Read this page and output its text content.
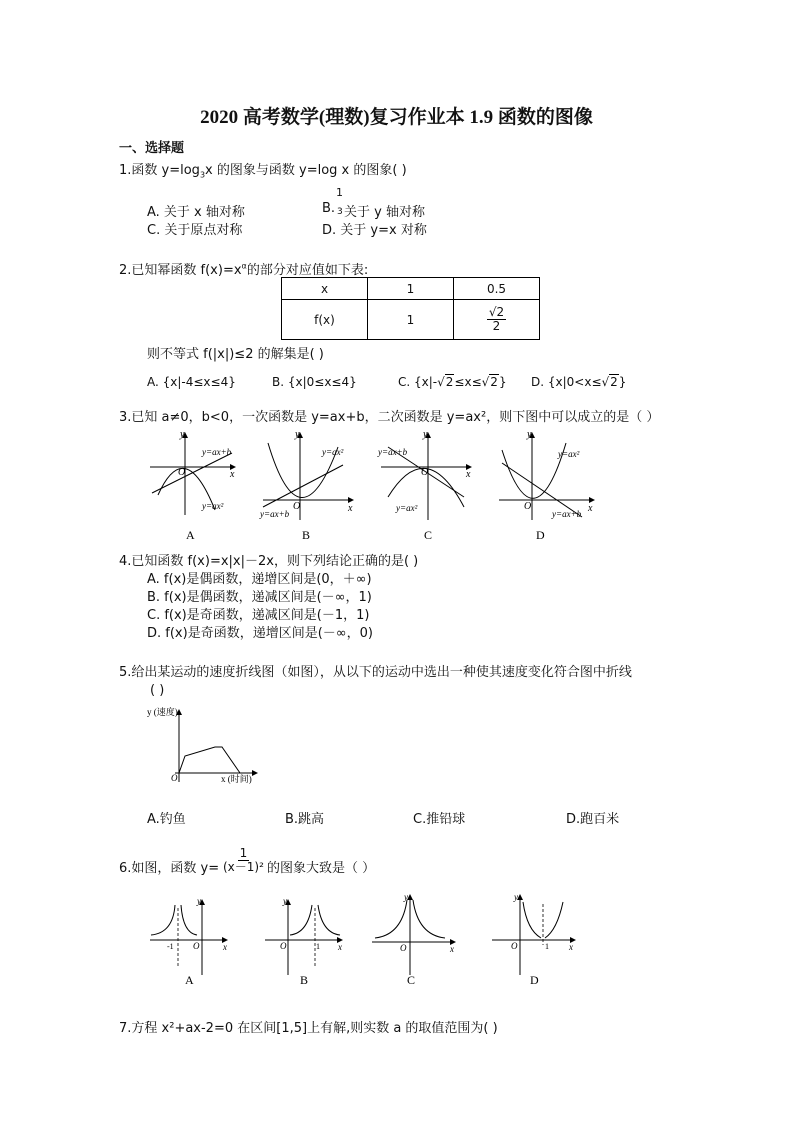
2020 高考数学(理数)复习作业本 1.9 函数的图像
一、选择题
1.函数 $y=\log_3x$ 的图象与函数 y=log x 的图象( )
A. 关于 x 轴对称	B.
1
3 关于 y 轴对称
C. 关于原点对称	D. 关于 y=x 对称
2.已知幂函数 $f(x)=x^\alpha$的部分对应值如下表:
x	1	0.5
f(x)	1	$\frac{√2}{2}$
则不等式 f(|x|)≤2 的解集是( )
A. {x|-4≤x≤4}	B. {x|0≤x≤4}	C. {x|-√2≤x≤√2} D. {x|0<x≤√2}
3.已知 a≠0，b<0，一次函数是 y=ax+b，二次函数是 y=ax²，则下图中可以成立的是（ ）
O
y
x
y=ax+b
y=ax²
A
O
y
x
y=ax²
y=ax+b
B
O
y
x
y=ax+b
y=ax²
C
O
y
x
y=ax²
y=ax+b
D
4.已知函数 f(x)=x|x|－2x，则下列结论正确的是( )
A. f(x)是偶函数，递增区间是(0，＋∞)
B. f(x)是偶函数，递减区间是(－∞，1)
C. f(x)是奇函数，递减区间是(－1，1)
D. f(x)是奇函数，递增区间是(－∞，0)
5.给出某运动的速度折线图（如图），从以下的运动中选出一种使其速度变化符合图中折线
( )
y (速度)
O	x (时间)
A.钓鱼	B.跳高	C.推铅球	D.跑百米
6.如图，函数 $y= \frac{1}{\text{(x－1)²}}$ 的图象大致是（ ）
-1 O
y
x
A
1
O
y
x
B
O
y
x
C
1
O
y
x
D
7.方程 x²+ax-2=0 在区间[1,5]上有解,则实数 a 的取值范围为( )
